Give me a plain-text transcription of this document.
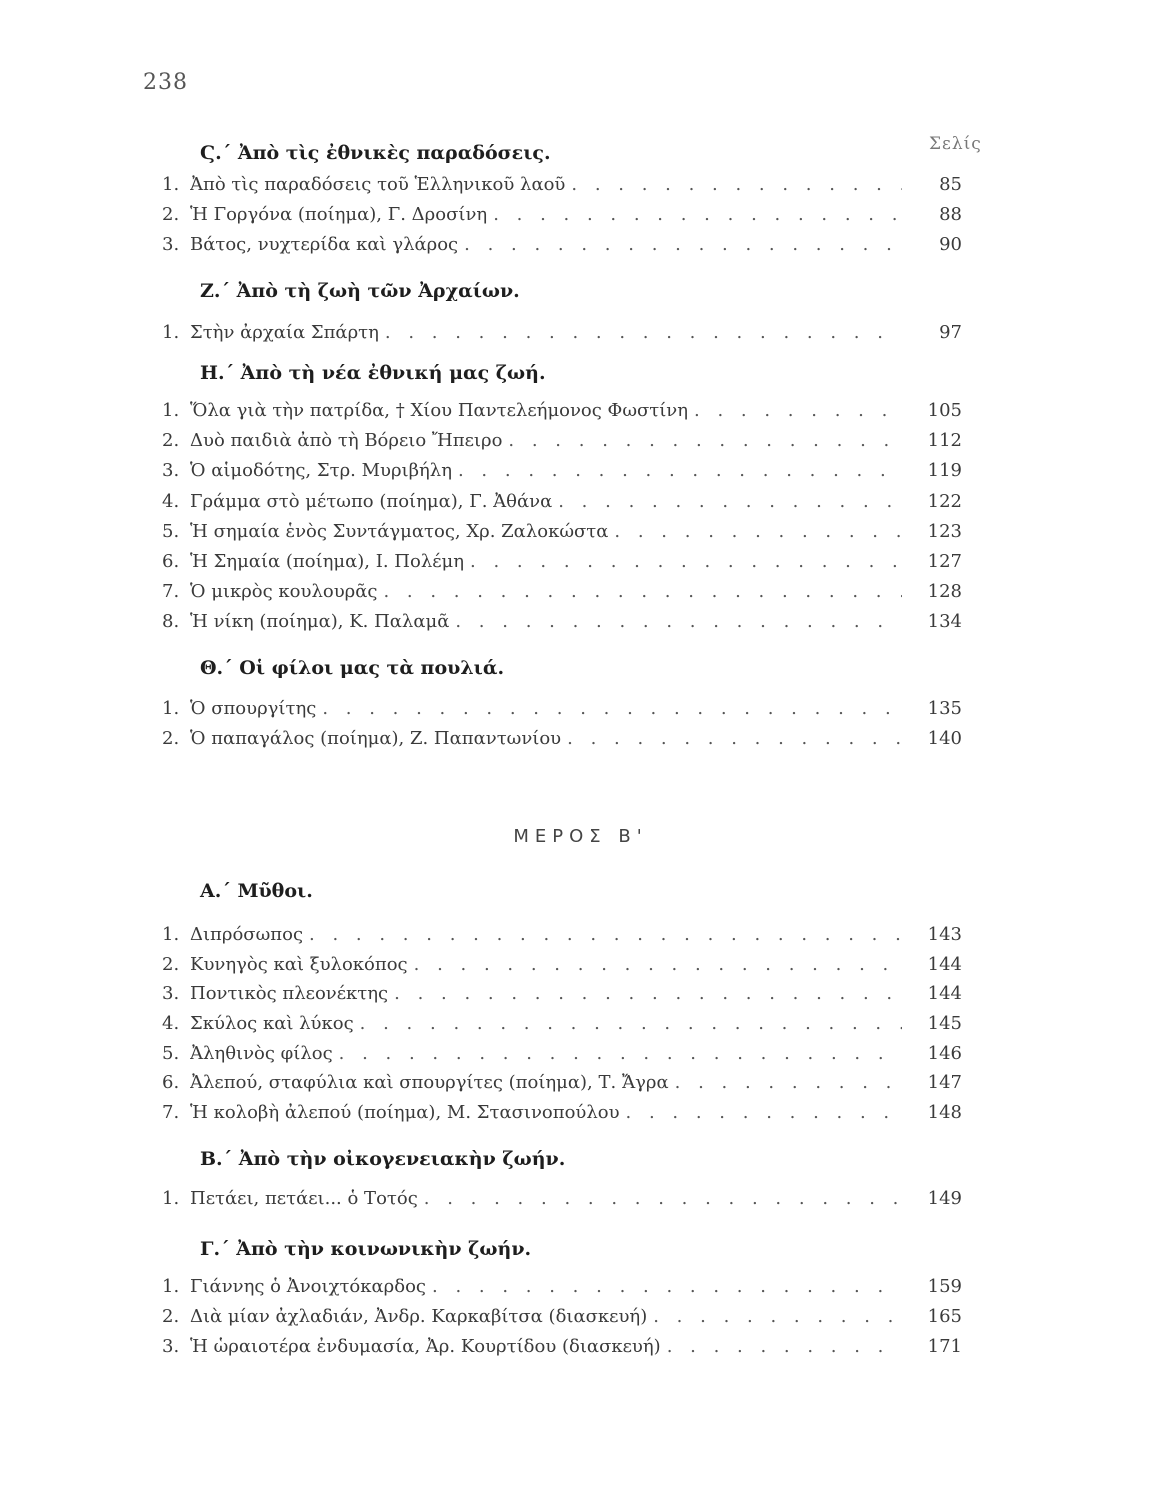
238
Σελίς
Ϛ.΄ Ἀπὸ τὶς ἐθνικὲς παραδόσεις.
1. Ἀπὸ τὶς παραδόσεις τοῦ Ἑλληνικοῦ λαοῦ . . .	85
2. Ἡ Γοργόνα (ποίημα), Γ. Δροσίνη . . .	88
3. Βάτος, νυχτερίδα καὶ γλάρος . . .	90
Ζ.΄ Ἀπὸ τὴ ζωὴ τῶν Ἀρχαίων.
1. Στὴν ἀρχαία Σπάρτη . . .	97
Η.΄ Ἀπὸ τὴ νέα ἐθνική μας ζωή.
1. Ὅλα γιὰ τὴν πατρίδα, † Χίου Παντελεήμονος Φωστίνη . . .	105
2. Δυὸ παιδιὰ ἀπὸ τὴ Βόρειο Ἤπειρο . . .	112
3. Ὁ αἱμοδότης, Στρ. Μυριβήλη . . .	119
4. Γράμμα στὸ μέτωπο (ποίημα), Γ. Ἀθάνα . . .	122
5. Ἡ σημαία ἑνὸς Συντάγματος, Χρ. Ζαλοκώστα . . .	123
6. Ἡ Σημαία (ποίημα), Ι. Πολέμη . . .	127
7. Ὁ μικρὸς κουλουρᾶς . . .	128
8. Ἡ νίκη (ποίημα), Κ. Παλαμᾶ . . .	134
Θ.΄ Οἱ φίλοι μας τὰ πουλιά.
1. Ὁ σπουργίτης . . .	135
2. Ὁ παπαγάλος (ποίημα), Ζ. Παπαντωνίου . . .	140
ΜΕΡΟΣ Β'
Α.΄ Μῦθοι.
1. Διπρόσωπος . . .	143
2. Κυνηγὸς καὶ ξυλοκόπος . . .	144
3. Ποντικὸς πλεονέκτης . . .	144
4. Σκύλος καὶ λύκος . . .	145
5. Ἀληθινὸς φίλος . . .	146
6. Ἀλεπού, σταφύλια καὶ σπουργίτες (ποίημα), Τ. Ἄγρα . . .	147
7. Ἡ κολοβὴ ἀλεπού (ποίημα), Μ. Στασινοπούλου . . .	148
Β.΄ Ἀπὸ τὴν οἰκογενειακὴν ζωήν.
1. Πετάει, πετάει... ὁ Τοτός . . .	149
Γ.΄ Ἀπὸ τὴν κοινωνικὴν ζωήν.
1. Γιάννης ὁ Ἀνοιχτόκαρδος . . .	159
2. Διὰ μίαν ἀχλαδιάν, Ἀνδρ. Καρκαβίτσα (διασκευή) . . .	165
3. Ἡ ὡραιοτέρα ἐνδυμασία, Ἀρ. Κουρτίδου (διασκευή) . . .	171
